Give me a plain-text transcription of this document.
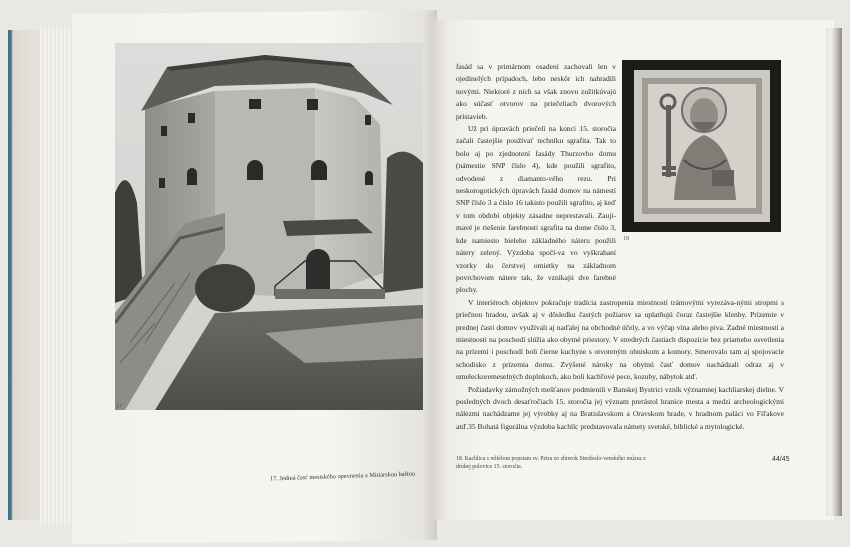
17
17. Jediná časť mestského opevnenia a Mitiarskou baštou
18

fasád sa v primárnom osadení zachovali len v ojedinelých prípadoch, lebo neskôr ich nahradili novými. Niektoré z nich sa však znovu zužitkúvajú ako súčasť otvorov na priečeliach dvorových prístavieb.

Už pri úpravách priečelí na konci 15. storočia začali častejšie používať techniku sgrafita. Tak to bolo aj po zjednotení fasády Thurzovho domu (námestie SNP číslo 4), kde použili sgrafito, odvodené z diamanto-vého rezu. Pri neskorogotických úpravách fasád domov na námestí SNP číslo 3 a číslo 16 takisto použili sgrafito, aj keď v tom období objekty zásadne neprestavali. Zaují-mavé je riešenie farebnosti sgrafita na dome číslo 3, kde namiesto bieleho základného náteru použili nátery zelený. Výzdoba spočí-va vo vyškrabaní vzorky do čerstvej omietky na základnom povrchovom nátere tak, že vznikajú dve farebné plochy.

V interiéroch objektov pokračuje tradícia zastropenia miestností trámovými vyrezáva-nými stropmi s priečnou hradou, avšak aj v dôsledku častých požiarov sa uplatňujú čoraz častejšie klenby. Prízemie v prednej časti domov využívali aj naďalej na obchodné účely, a vo výčap vína alebo piva. Zadné miestnosti a miestnosti na poschodí slúžia ako obytné priestory. V stredných častiach dispozície bez priameho osvetlenia na prízemí i poschodí boli čierne kuchyne s otvoreným ohniskom a komory. Smerovalo tam aj spojovacie schodisko z prízemia domu. Zvýšené nároky na obytnú časť domov nachádzali odraz aj v umeleckoremeselných doplnkoch, ako boli kachľové pece, kozuby, nábytok atď.

Požiadavky zámožných mešťanov podmienili v Banskej Bystrici vznik významnej kachliarskej dielne. V posledných dvoch desaťročiach 15. storočia jej význam prerástol hranice mesta a medzi archeologickými nálezmi nachádzame jej výrobky aj na Bratislavskom a Oravskom hrade, v hradnom paláci vo Fiľakove atď.35 Bohatá figurálna výzdoba kachlíc predstavovala námety svetské, biblické a mytologické.

18. Kachlica s reliéfom popsiam sv. Petra zo zbierok Stredoslo-venského múzea z druhej polovice 15. storočia.
44/45
